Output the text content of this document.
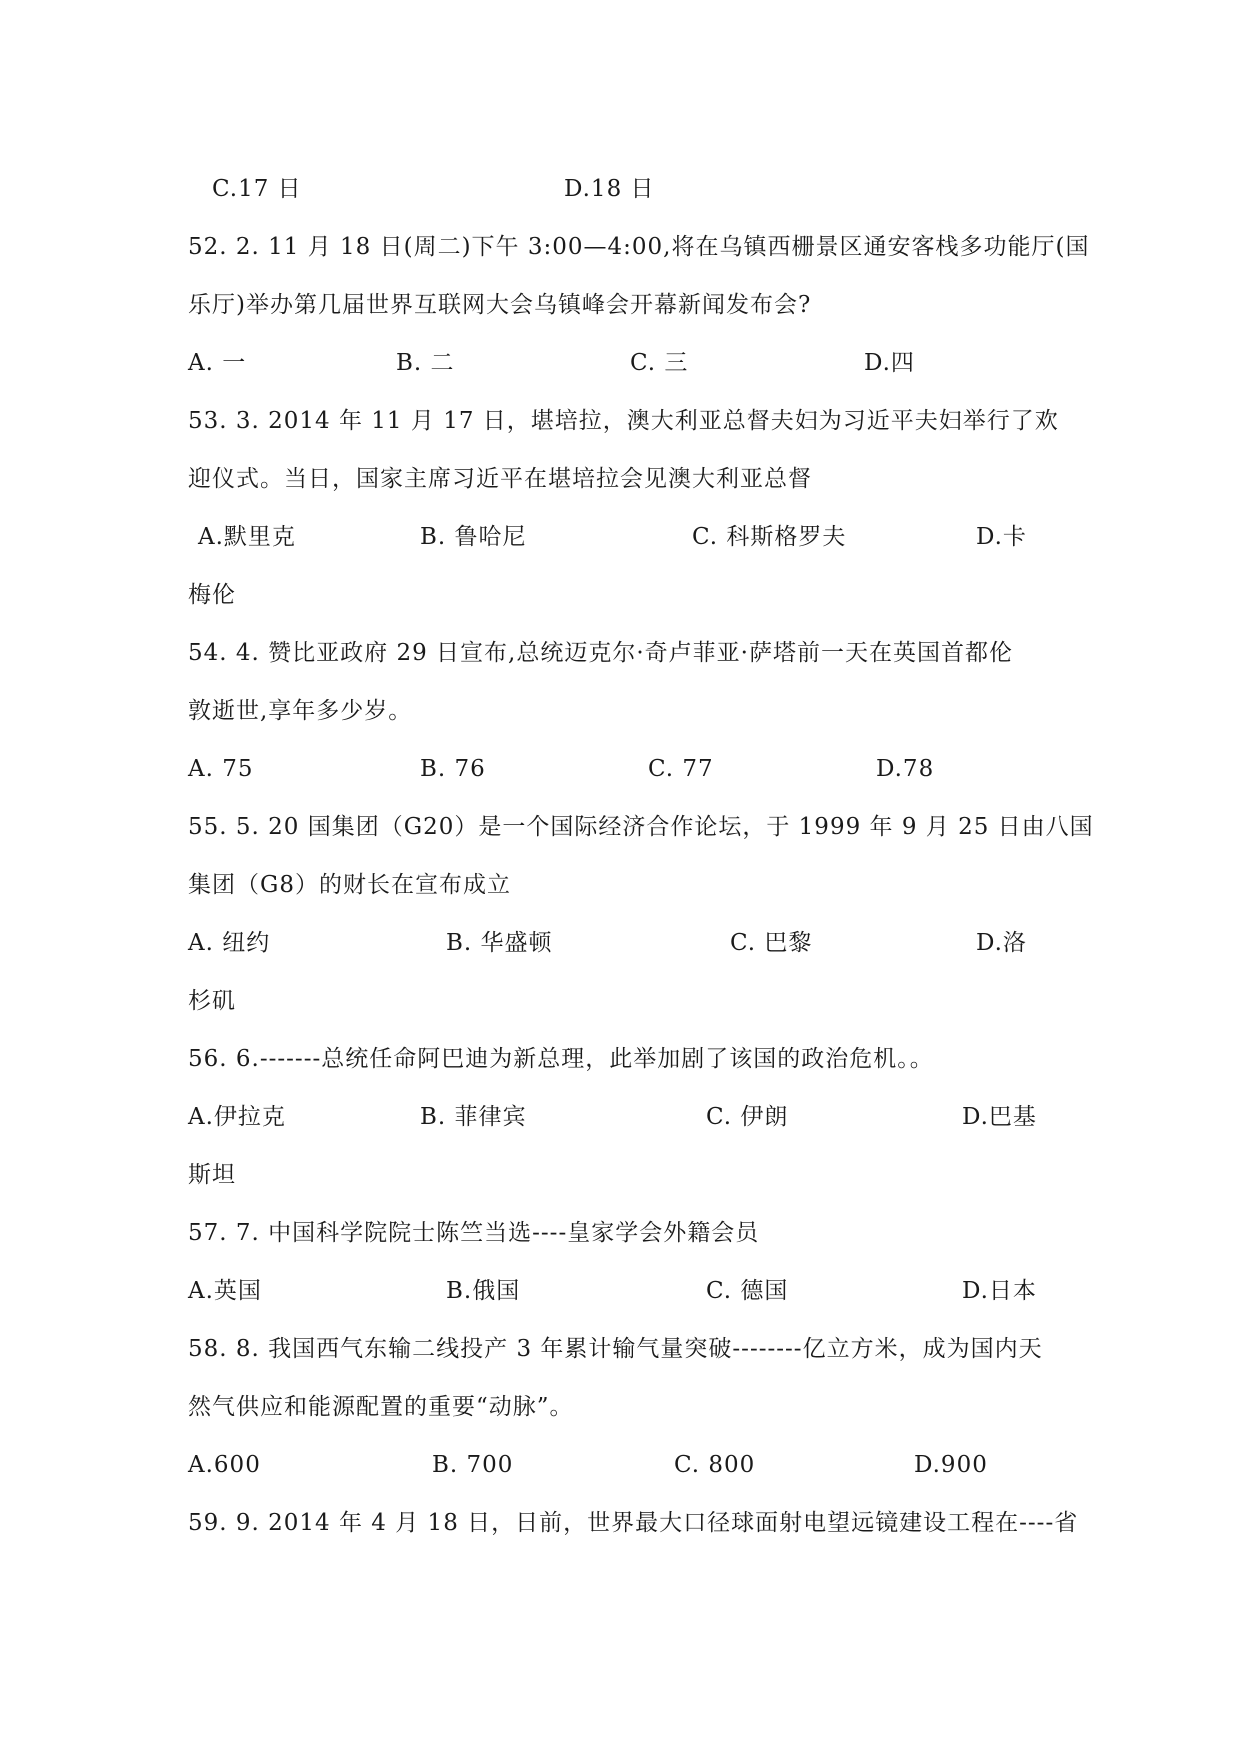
C.17 日	D.18 日
52. 2. 11 月 18 日(周二)下午 3:00—4:00,将在乌镇西栅景区通安客栈多功能厅(国
乐厅)举办第几届世界互联网大会乌镇峰会开幕新闻发布会?
A. 一	B. 二	C. 三	D.四
53. 3. 2014 年 11 月 17 日，堪培拉，澳大利亚总督夫妇为习近平夫妇举行了欢
迎仪式。当日，国家主席习近平在堪培拉会见澳大利亚总督
A.默里克	B. 鲁哈尼	C. 科斯格罗夫	D.卡
梅伦
54. 4. 赞比亚政府 29 日宣布,总统迈克尔·奇卢菲亚·萨塔前一天在英国首都伦
敦逝世,享年多少岁。
A. 75	B. 76	C. 77	D.78
55. 5. 20 国集团（G20）是一个国际经济合作论坛，于 1999 年 9 月 25 日由八国
集团（G8）的财长在宣布成立
A. 纽约	B. 华盛顿	C. 巴黎	D.洛
杉矶
56. 6.-------总统任命阿巴迪为新总理，此举加剧了该国的政治危机。。
A.伊拉克	B. 菲律宾	C. 伊朗	D.巴基
斯坦
57. 7. 中国科学院院士陈竺当选----皇家学会外籍会员
A.英国	B.俄国	C. 德国	D.日本
58. 8. 我国西气东输二线投产 3 年累计输气量突破--------亿立方米，成为国内天
然气供应和能源配置的重要“动脉”。
A.600	B. 700	C. 800	D.900
59. 9. 2014 年 4 月 18 日，日前，世界最大口径球面射电望远镜建设工程在----省
